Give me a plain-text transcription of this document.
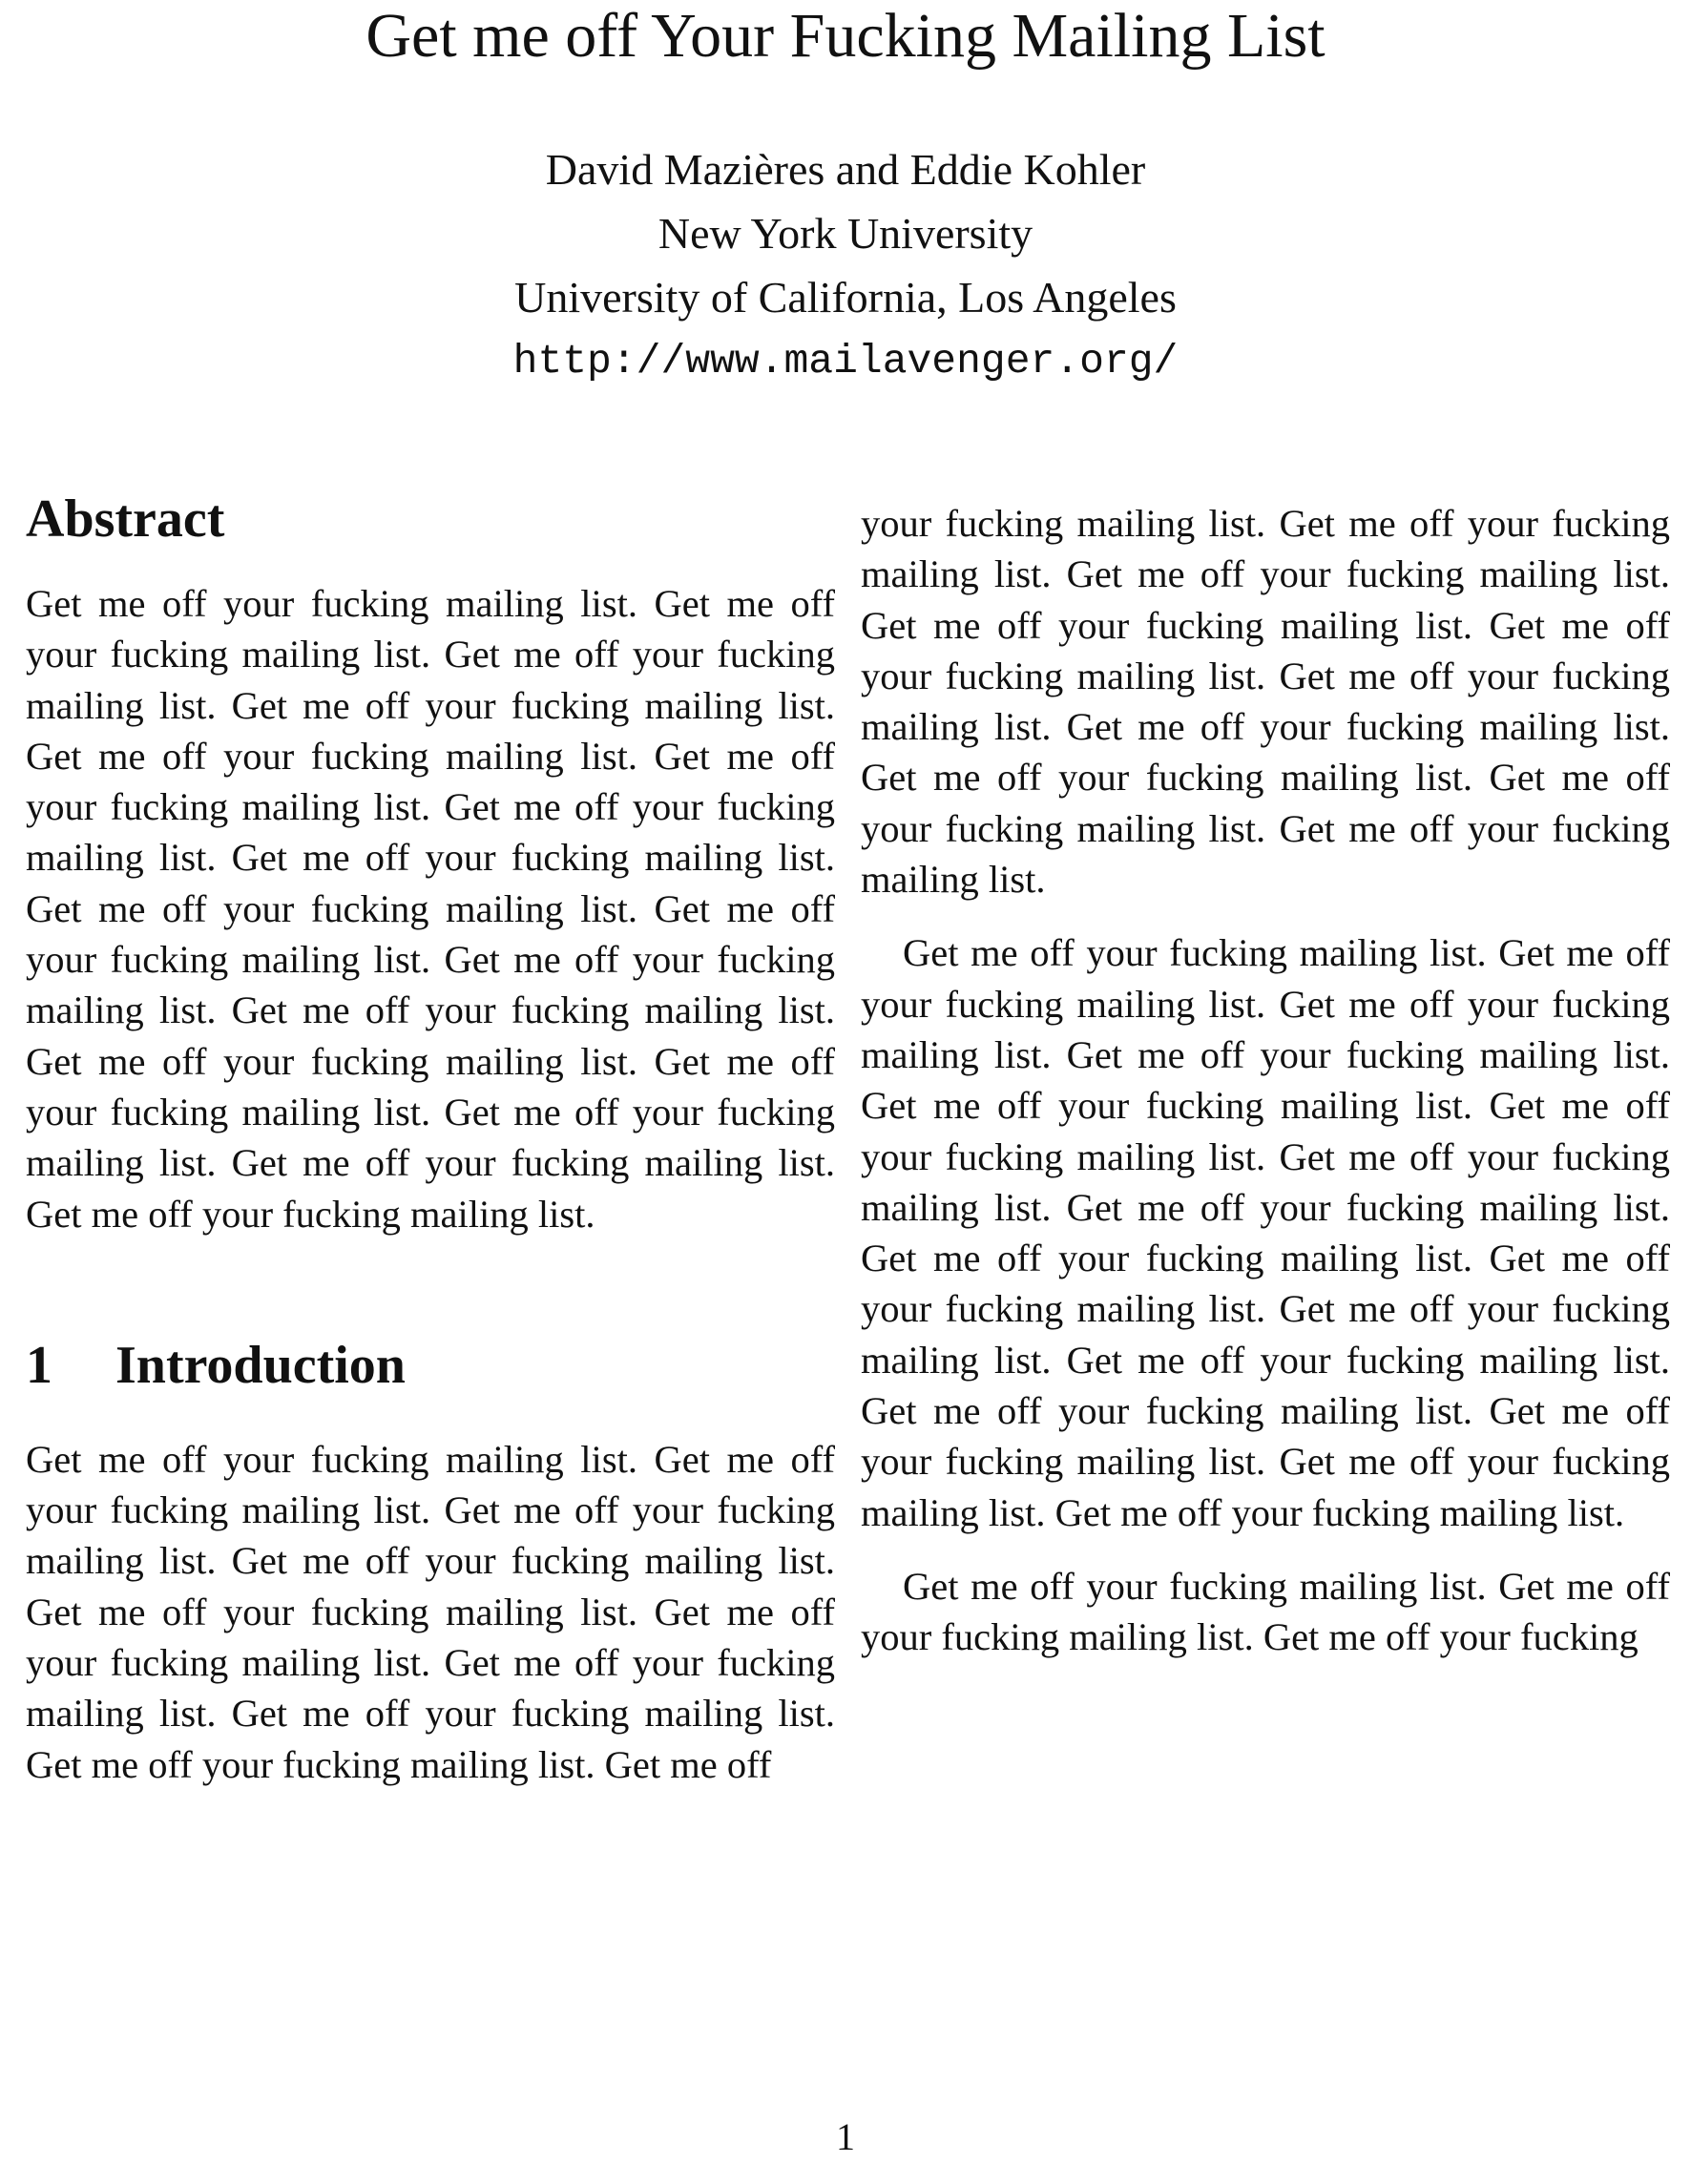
Get me off Your Fucking Mailing List
David Mazières and Eddie Kohler
New York University
University of California, Los Angeles
http://www.mailavenger.org/
Abstract

Get me off your fucking mailing list. Get me off your fucking mailing list. Get me off your fucking mailing list. Get me off your fucking mailing list. Get me off your fucking mailing list. Get me off your fucking mailing list. Get me off your fucking mailing list. Get me off your fucking mailing list. Get me off your fucking mailing list. Get me off your fucking mailing list. Get me off your fucking mailing list. Get me off your fucking mailing list. Get me off your fucking mailing list. Get me off your fucking mailing list. Get me off your fucking mailing list. Get me off your fucking mailing list. Get me off your fucking mailing list.

1 Introduction

Get me off your fucking mailing list. Get me off your fucking mailing list. Get me off your fucking mailing list. Get me off your fucking mailing list. Get me off your fucking mailing list. Get me off your fucking mailing list. Get me off your fucking mailing list. Get me off your fucking mailing list. Get me off your fucking mailing list. Get me off

your fucking mailing list. Get me off your fucking mailing list. Get me off your fucking mailing list. Get me off your fucking mailing list. Get me off your fucking mailing list. Get me off your fucking mailing list. Get me off your fucking mailing list. Get me off your fucking mailing list. Get me off your fucking mailing list. Get me off your fucking mailing list.

Get me off your fucking mailing list. Get me off your fucking mailing list. Get me off your fucking mailing list. Get me off your fucking mailing list. Get me off your fucking mailing list. Get me off your fucking mailing list. Get me off your fucking mailing list. Get me off your fucking mailing list. Get me off your fucking mailing list. Get me off your fucking mailing list. Get me off your fucking mailing list. Get me off your fucking mailing list. Get me off your fucking mailing list. Get me off your fucking mailing list. Get me off your fucking mailing list. Get me off your fucking mailing list.

Get me off your fucking mailing list. Get me off your fucking mailing list. Get me off your fucking

1
